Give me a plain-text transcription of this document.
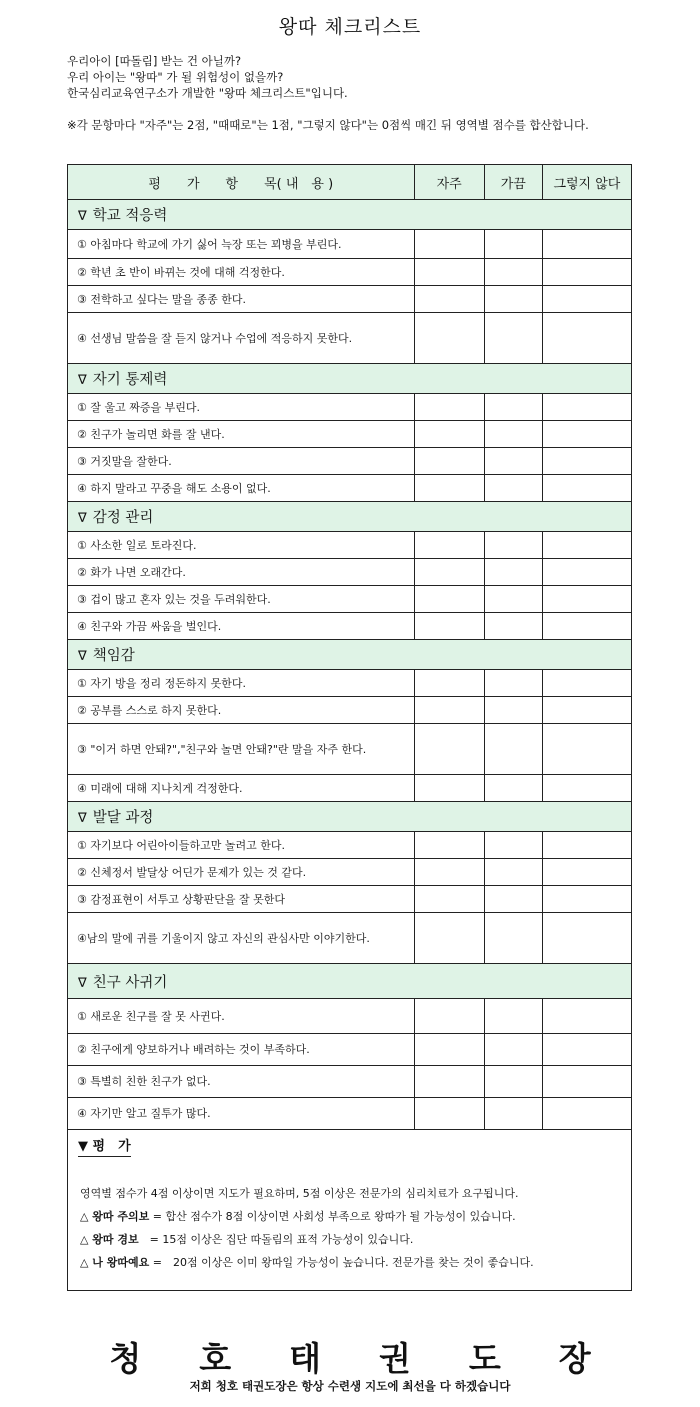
왕따 체크리스트
우리아이 [따돌림] 받는 건 아닐까?
우리 아이는 "왕따" 가 될 위험성이 없을까?
한국심리교육연구소가 개발한 "왕따 체크리스트"입니다.
※각 문항마다 "자주"는 2점, "때때로"는 1점, "그렇지 않다"는 0점씩 매긴 뒤 영역별 점수를 합산합니다.
평　　가　　항　　목( 내　용 )	자주	가끔	그렇지 않다
∇ 학교 적응력			
① 아침마다 학교에 가기 싫어 늑장 또는 꾀병을 부린다.			
② 학년 초 반이 바뀌는 것에 대해 걱정한다.			
③ 전학하고 싶다는 말을 종종 한다.			
④ 선생님 말씀을 잘 듣지 않거나 수업에 적응하지 못한다.			
∇ 자기 통제력			
① 잘 울고 짜증을 부린다.			
② 친구가 놀리면 화를 잘 낸다.			
③ 거짓말을 잘한다.			
④ 하지 말라고 꾸중을 해도 소용이 없다.			
∇ 감정 관리			
① 사소한 일로 토라진다.			
② 화가 나면 오래간다.			
③ 겁이 많고 혼자 있는 것을 두려워한다.			
④ 친구와 가끔 싸움을 벌인다.			
∇ 책임감			
① 자기 방을 정리 정돈하지 못한다.			
② 공부를 스스로 하지 못한다.			
③ "이거 하면 안돼?","친구와 놀면 안돼?"란 말을 자주 한다.			
④ 미래에 대해 지나치게 걱정한다.			
∇ 발달 과정			
① 자기보다 어린아이들하고만 놀려고 한다.			
② 신체정서 발달상 어딘가 문제가 있는 것 같다.			
③ 감정표현이 서투고 상황판단을 잘 못한다			
④남의 말에 귀를 기울이지 않고 자신의 관심사만 이야기한다.			
∇ 친구 사귀기			
① 새로운 친구를 잘 못 사귄다.			
② 친구에게 양보하거나 배려하는 것이 부족하다.			
③ 특별히 친한 친구가 없다.			
④ 자기만 알고 질투가 많다.			
▼ 평　가
영역별 점수가 4점 이상이면 지도가 필요하며, 5점 이상은 전문가의 심리치료가 요구됩니다.
△ 왕따 주의보 = 합산 점수가 8점 이상이면 사회성 부족으로 왕따가 될 가능성이 있습니다.
△ 왕따 경보　= 15점 이상은 집단 따돌림의 표적 가능성이 있습니다.
△ 나 왕따예요 =　20점 이상은 이미 왕따일 가능성이 높습니다. 전문가를 찾는 것이 좋습니다.
청호태권도장
저희 청호 태권도장은 항상 수련생 지도에 최선을 다 하겠습니다
